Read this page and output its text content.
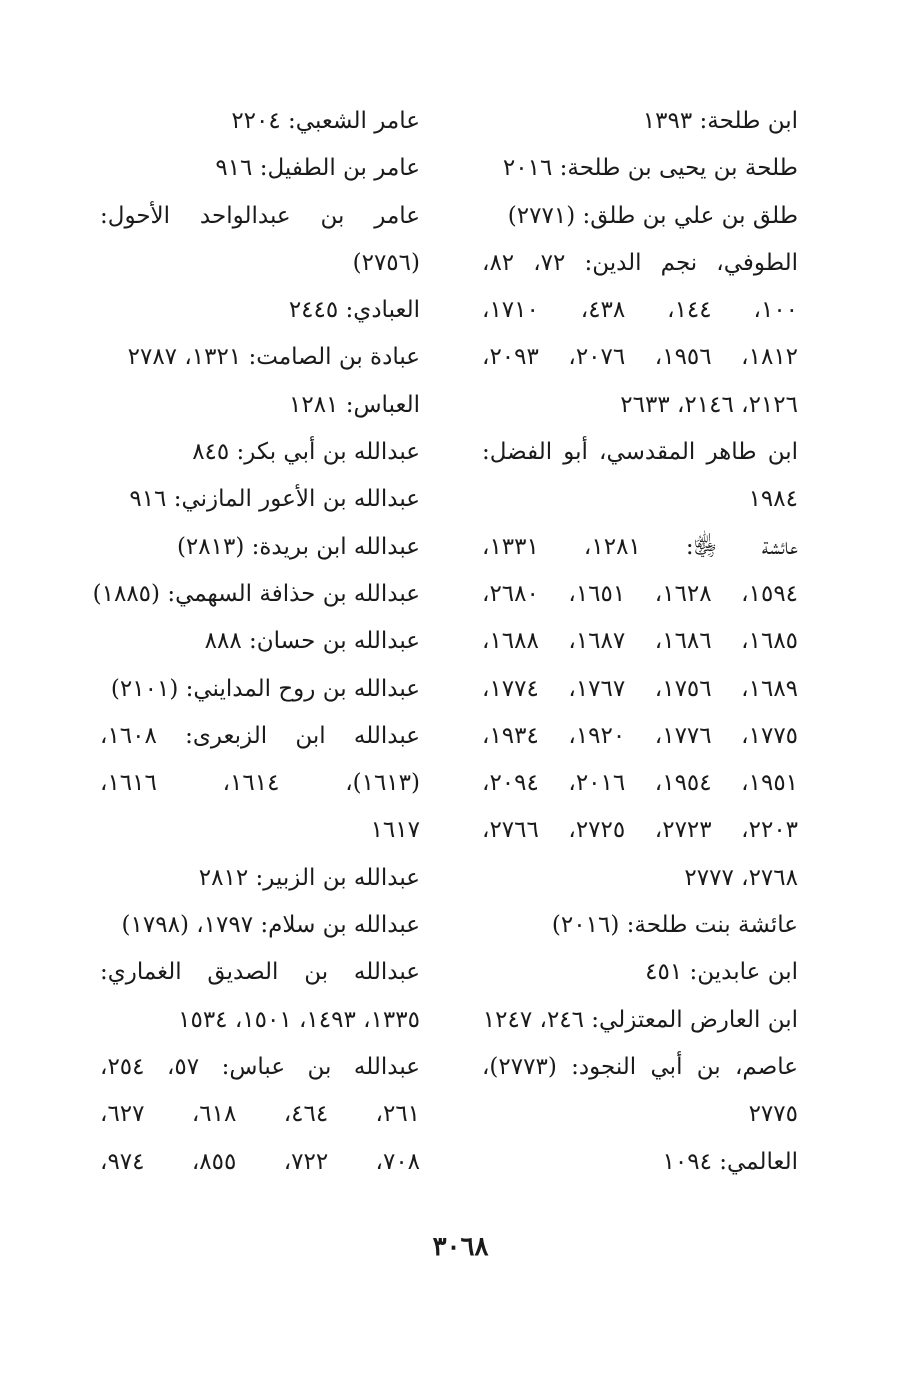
ابن طلحة: ١٣٩٣
طلحة بن يحيى بن طلحة: ٢٠١٦
طلق بن علي بن طلق: (٢٧٧١)
الطوفي، نجم الدين: ٧٢، ٨٢،
١٠٠، ١٤٤، ٤٣٨، ١٧١٠،
١٨١٢، ١٩٥٦، ٢٠٧٦، ٢٠٩٣،
٢١٢٦، ٢١٤٦، ٢٦٣٣
ابن طاهر المقدسي، أبو الفضل:
١٩٨٤
عائشة ﵂: ١٢٨١، ١٣٣١،
١٥٩٤، ١٦٢٨، ١٦٥١، ٢٦٨٠،
١٦٨٥، ١٦٨٦، ١٦٨٧، ١٦٨٨،
١٦٨٩، ١٧٥٦، ١٧٦٧، ١٧٧٤،
١٧٧٥، ١٧٧٦، ١٩٢٠، ١٩٣٤،
١٩٥١، ١٩٥٤، ٢٠١٦، ٢٠٩٤،
٢٢٠٣، ٢٧٢٣، ٢٧٢٥، ٢٧٦٦،
٢٧٦٨، ٢٧٧٧
عائشة بنت طلحة: (٢٠١٦)
ابن عابدين: ٤٥١
ابن العارض المعتزلي: ٢٤٦، ١٢٤٧
عاصم، بن أبي النجود: (٢٧٧٣)،
٢٧٧٥
العالمي: ١٠٩٤
عامر الشعبي: ٢٢٠٤
عامر بن الطفيل: ٩١٦
عامر بن عبدالواحد الأحول:
(٢٧٥٦)
العبادي: ٢٤٤٥
عبادة بن الصامت: ١٣٢١، ٢٧٨٧
العباس: ١٢٨١
عبدالله بن أبي بكر: ٨٤٥
عبدالله بن الأعور المازني: ٩١٦
عبدالله ابن بريدة: (٢٨١٣)
عبدالله بن حذافة السهمي: (١٨٨٥)
عبدالله بن حسان: ٨٨٨
عبدالله بن روح المدايني: (٢١٠١)
عبدالله ابن الزبعرى: ١٦٠٨،
(١٦١٣)، ١٦١٤، ١٦١٦،
١٦١٧
عبدالله بن الزبير: ٢٨١٢
عبدالله بن سلام: ١٧٩٧، (١٧٩٨)
عبدالله بن الصديق الغماري:
١٣٣٥، ١٤٩٣، ١٥٠١، ١٥٣٤
عبدالله بن عباس: ٥٧، ٢٥٤،
٢٦١، ٤٦٤، ٦١٨، ٦٢٧،
٧٠٨، ٧٢٢، ٨٥٥، ٩٧٤،
٣٠٦٨
